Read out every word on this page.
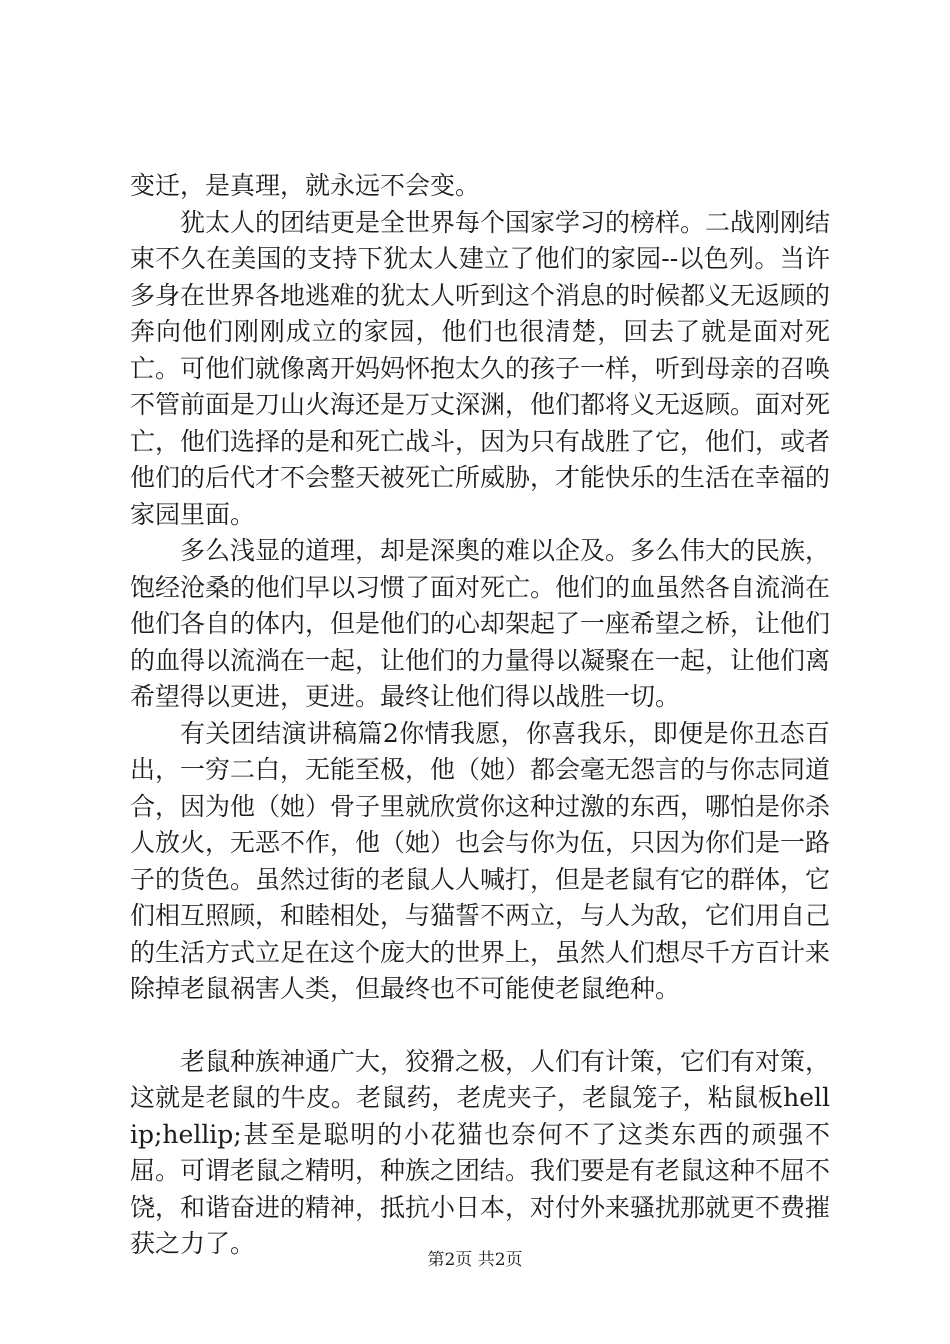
变迁，是真理，就永远不会变。

犹太人的团结更是全世界每个国家学习的榜样。二战刚刚结束不久在美国的支持下犹太人建立了他们的家园--以色列。当许多身在世界各地逃难的犹太人听到这个消息的时候都义无返顾的奔向他们刚刚成立的家园，他们也很清楚，回去了就是面对死亡。可他们就像离开妈妈怀抱太久的孩子一样，听到母亲的召唤不管前面是刀山火海还是万丈深渊，他们都将义无返顾。面对死亡，他们选择的是和死亡战斗，因为只有战胜了它，他们，或者他们的后代才不会整天被死亡所威胁，才能快乐的生活在幸福的家园里面。

多么浅显的道理，却是深奥的难以企及。多么伟大的民族，饱经沧桑的他们早以习惯了面对死亡。他们的血虽然各自流淌在他们各自的体内，但是他们的心却架起了一座希望之桥，让他们的血得以流淌在一起，让他们的力量得以凝聚在一起，让他们离希望得以更进，更进。最终让他们得以战胜一切。

有关团结演讲稿篇2你情我愿，你喜我乐，即便是你丑态百出，一穷二白，无能至极，他（她）都会毫无怨言的与你志同道合，因为他（她）骨子里就欣赏你这种过激的东西，哪怕是你杀人放火，无恶不作，他（她）也会与你为伍，只因为你们是一路子的货色。虽然过街的老鼠人人喊打，但是老鼠有它的群体，它们相互照顾，和睦相处，与猫誓不两立，与人为敌，它们用自己的生活方式立足在这个庞大的世界上，虽然人们想尽千方百计来除掉老鼠祸害人类，但最终也不可能使老鼠绝种。

老鼠种族神通广大，狡猾之极，人们有计策，它们有对策，这就是老鼠的牛皮。老鼠药，老虎夹子，老鼠笼子，粘鼠板hellip;hellip;甚至是聪明的小花猫也奈何不了这类东西的顽强不屈。可谓老鼠之精明，种族之团结。我们要是有老鼠这种不屈不饶，和谐奋进的精神，抵抗小日本，对付外来骚扰那就更不费摧获之力了。

第2页 共2页
